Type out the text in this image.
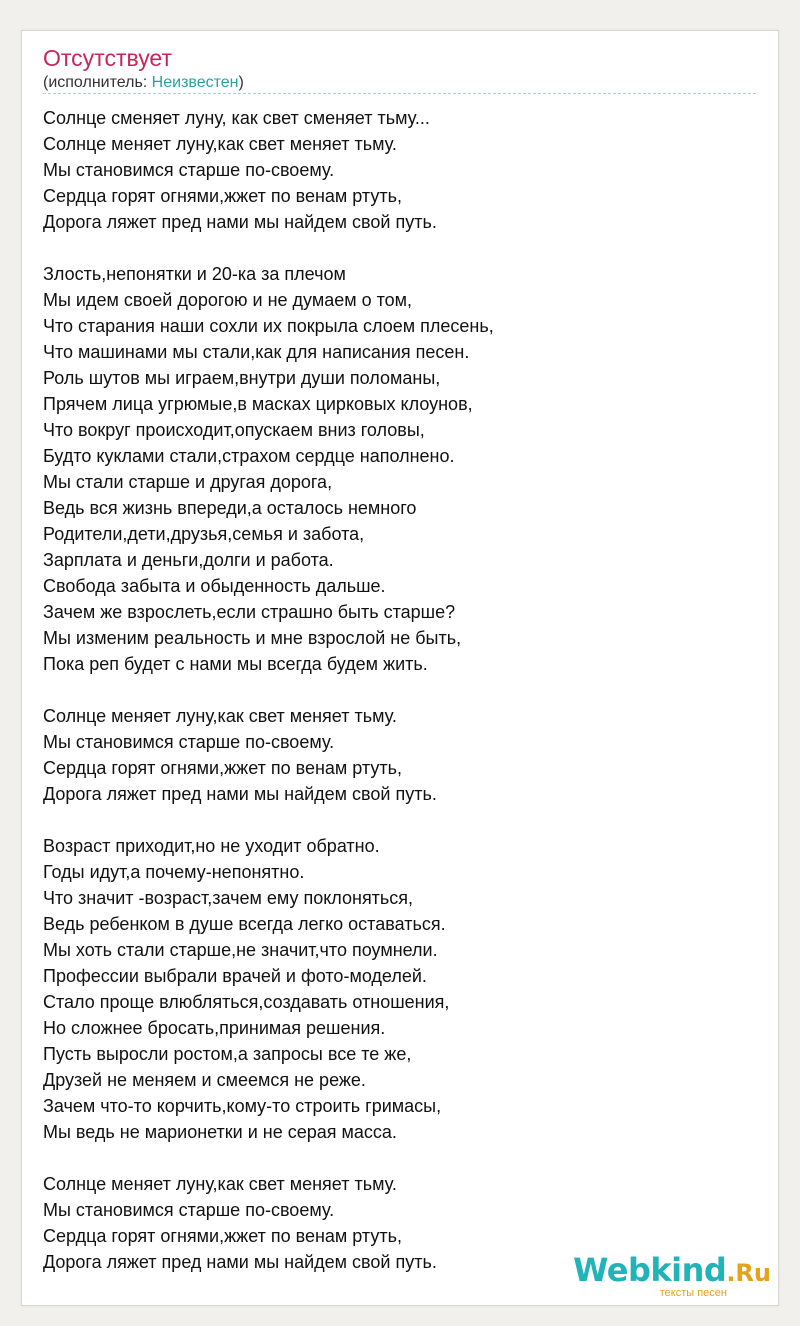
Отсутствует
(исполнитель: Неизвестен)
Солнце сменяет луну, как свет сменяет тьму...
Солнце меняет луну,как свет меняет тьму.
Мы становимся старше по-своему.
Сердца горят огнями,жжет по венам ртуть,
Дорога ляжет пред нами мы найдем свой путь.
Злость,непонятки и 20-ка за плечом
Мы идем своей дорогою и не думаем о том,
Что старания наши сохли их покрыла слоем плесень,
Что машинами мы стали,как для написания песен.
Роль шутов мы играем,внутри души поломаны,
Прячем лица угрюмые,в масках цирковых клоунов,
Что вокруг происходит,опускаем вниз головы,
Будто куклами стали,страхом сердце наполнено.
Мы стали старше и другая дорога,
Ведь вся жизнь впереди,а осталось немного
Родители,дети,друзья,семья и забота,
Зарплата и деньги,долги и работа.
Свобода забыта и обыденность дальше.
Зачем же взрослеть,если страшно быть старше?
Мы изменим реальность и мне взрослой не быть,
Пока реп будет с нами мы всегда будем жить.
Солнце меняет луну,как свет меняет тьму.
Мы становимся старше по-своему.
Сердца горят огнями,жжет по венам ртуть,
Дорога ляжет пред нами мы найдем свой путь.
Возраст приходит,но не уходит обратно.
Годы идут,а почему-непонятно.
Что значит -возраст,зачем ему поклоняться,
Ведь ребенком в душе всегда легко оставаться.
Мы хоть стали старше,не значит,что поумнели.
Профессии выбрали врачей и фото-моделей.
Стало проще влюбляться,создавать отношения,
Но сложнее бросать,принимая решения.
Пусть выросли ростом,а запросы все те же,
Друзей не меняем и смеемся не реже.
Зачем что-то корчить,кому-то строить гримасы,
Мы ведь не марионетки и не серая масса.
Солнце меняет луну,как свет меняет тьму.
Мы становимся старше по-своему.
Сердца горят огнями,жжет по венам ртуть,
Дорога ляжет пред нами мы найдем свой путь.	Webkind.Ru
тексты песен
